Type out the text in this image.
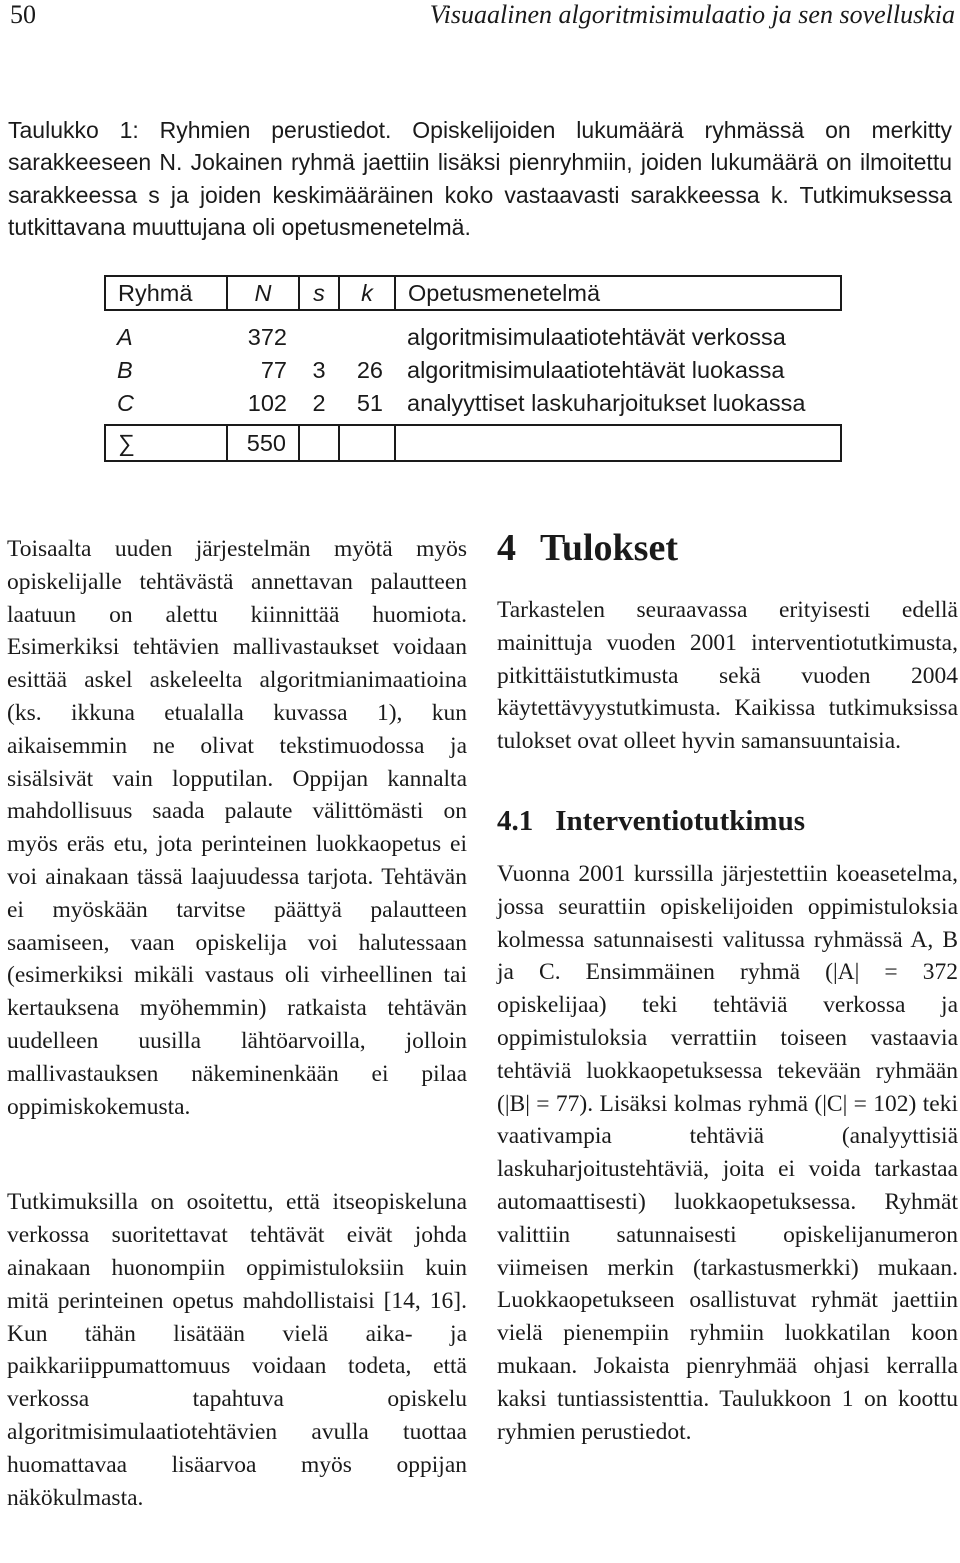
50	Visuaalinen algoritmisimulaatio ja sen sovelluskia

Taulukko 1: Ryhmien perustiedot. Opiskelijoiden lukumäärä ryhmässä on merkitty sarakkeeseen N. Jokainen ryhmä jaettiin lisäksi pienryhmiin, joiden lukumäärä on ilmoitettu sarakkeessa s ja joiden keskimääräinen koko vastaavasti sarakkeessa k. Tutkimuksessa tutkittavana muuttujana oli opetusmenetelmä.

Ryhmä	N	s	k	Opetusmenetelmä

A	372			algoritmisimulaatiotehtävät verkossa
B	77	3	26	algoritmisimulaatiotehtävät luokassa
C	102	2	51	analyyttiset laskuharjoitukset luokassa

∑	550			

Toisaalta uuden järjestelmän myötä myös opiskelijalle tehtävästä annettavan palautteen laatuun on alettu kiinnittää huomiota. Esimerkiksi tehtävien mallivastaukset voidaan esittää askel askeleelta algoritmianimaatioina (ks. ikkuna etualalla kuvassa 1), kun aikaisemmin ne olivat tekstimuodossa ja sisälsivät vain lopputilan. Oppijan kannalta mahdollisuus saada palaute välittömästi on myös eräs etu, jota perinteinen luokkaopetus ei voi ainakaan tässä laajuudessa tarjota. Tehtävän ei myöskään tarvitse päättyä palautteen saamiseen, vaan opiskelija voi halutessaan (esimerkiksi mikäli vastaus oli virheellinen tai kertauksena myöhemmin) ratkaista tehtävän uudelleen uusilla lähtöarvoilla, jolloin mallivastauksen näkeminenkään ei pilaa oppimiskokemusta.

Tutkimuksilla on osoitettu, että itseopiskeluna verkossa suoritettavat tehtävät eivät johda ainakaan huonompiin oppimistuloksiin kuin mitä perinteinen opetus mahdollistaisi [14, 16]. Kun tähän lisätään vielä aika- ja paikkariippumattomuus voidaan todeta, että verkossa tapahtuva opiskelu algoritmisimulaatiotehtävien avulla tuottaa huomattavaa lisäarvoa myös oppijan näkökulmasta.

4 Tulokset

Tarkastelen seuraavassa erityisesti edellä mainittuja vuoden 2001 interventiotutkimusta, pitkittäistutkimusta sekä vuoden 2004 käytettävyystutkimusta. Kaikissa tutkimuksissa tulokset ovat olleet hyvin samansuuntaisia.

4.1 Interventiotutkimus

Vuonna 2001 kurssilla järjestettiin koeasetelma, jossa seurattiin opiskelijoiden oppimistuloksia kolmessa satunnaisesti valitussa ryhmässä A, B ja C. Ensimmäinen ryhmä (|A| = 372 opiskelijaa) teki tehtäviä verkossa ja oppimistuloksia verrattiin toiseen vastaavia tehtäviä luokkaopetuksessa tekevään ryhmään (|B| = 77). Lisäksi kolmas ryhmä (|C| = 102) teki vaativampia tehtäviä (analyyttisiä laskuharjoitustehtäviä, joita ei voida tarkastaa automaattisesti) luokkaopetuksessa. Ryhmät valittiin satunnaisesti opiskelijanumeron viimeisen merkin (tarkastusmerkki) mukaan. Luokkaopetukseen osallistuvat ryhmät jaettiin vielä pienempiin ryhmiin luokkatilan koon mukaan. Jokaista pienryhmää ohjasi kerralla kaksi tuntiassistenttia. Taulukkoon 1 on koottu ryhmien perustiedot.
